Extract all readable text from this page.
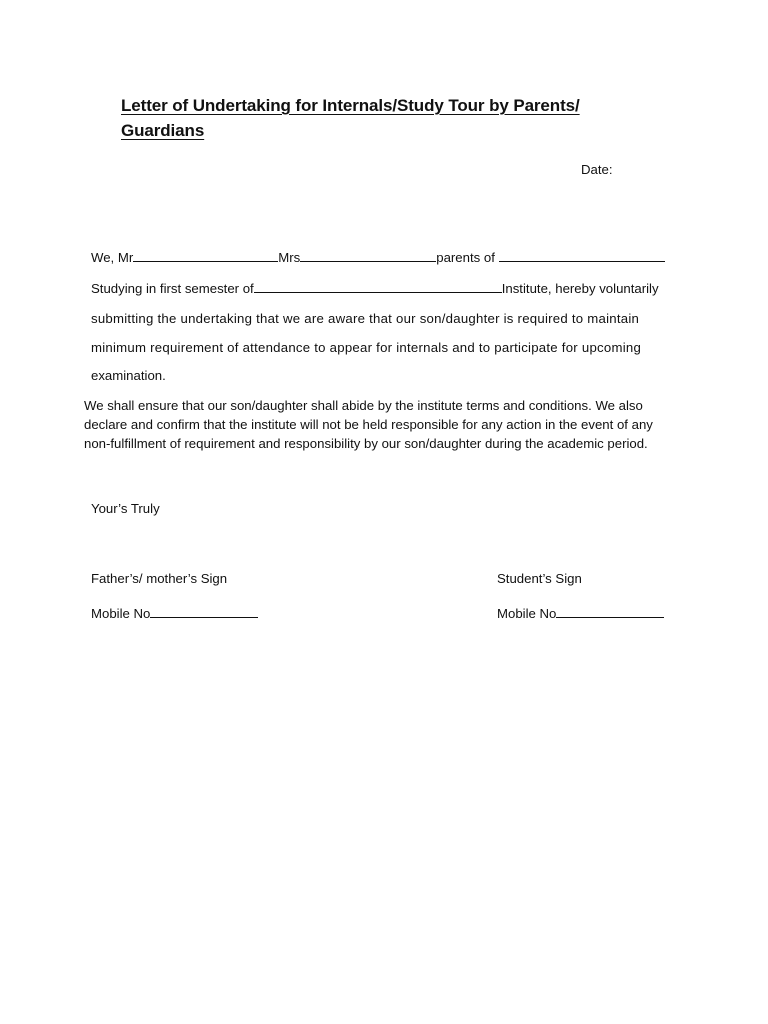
Letter of Undertaking for Internals/Study Tour by Parents/
Guardians
Date:
We, Mr	Mrs	parents of
Studying in first semester of	Institute, hereby voluntarily
submitting the undertaking that we are aware that our son/daughter is required to maintain
minimum requirement of attendance to appear for internals and to participate for upcoming
examination.
We shall ensure that our son/daughter shall abide by the institute terms and conditions. We also declare and confirm that the institute will not be held responsible for any action in the event of any non-fulfillment of requirement and responsibility by our son/daughter during the academic period.
Your’s Truly
Father’s/ mother’s Sign	Student’s Sign
Mobile No	Mobile No
